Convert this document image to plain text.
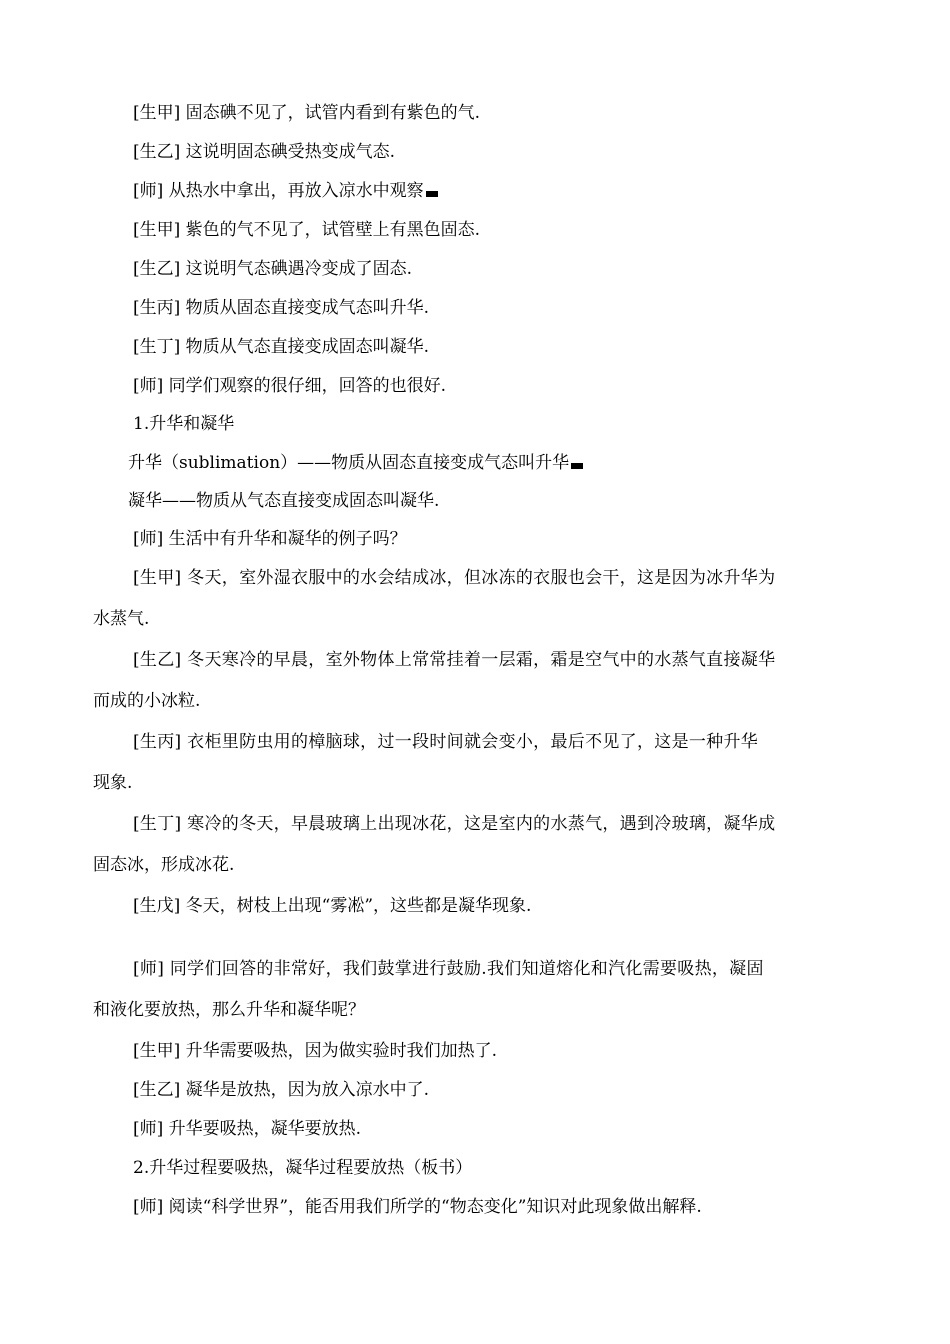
[生甲] 固态碘不见了，试管内看到有紫色的气.
[生乙] 这说明固态碘受热变成气态.
[师] 从热水中拿出，再放入凉水中观察
[生甲] 紫色的气不见了，试管壁上有黑色固态.
[生乙] 这说明气态碘遇冷变成了固态.
[生丙] 物质从固态直接变成气态叫升华.
[生丁] 物质从气态直接变成固态叫凝华.
[师] 同学们观察的很仔细，回答的也很好.
1.升华和凝华
升华（sublimation）——物质从固态直接变成气态叫升华
凝华——物质从气态直接变成固态叫凝华.
[师] 生活中有升华和凝华的例子吗？
[生甲] 冬天，室外湿衣服中的水会结成冰，但冰冻的衣服也会干，这是因为冰升华为
水蒸气.
[生乙] 冬天寒冷的早晨，室外物体上常常挂着一层霜，霜是空气中的水蒸气直接凝华
而成的小冰粒.
[生丙] 衣柜里防虫用的樟脑球，过一段时间就会变小，最后不见了，这是一种升华
现象.
[生丁] 寒冷的冬天，早晨玻璃上出现冰花，这是室内的水蒸气，遇到冷玻璃，凝华成
固态冰，形成冰花.
[生戊] 冬天，树枝上出现“雾凇”，这些都是凝华现象.
[师] 同学们回答的非常好，我们鼓掌进行鼓励.我们知道熔化和汽化需要吸热，凝固
和液化要放热，那么升华和凝华呢？
[生甲] 升华需要吸热，因为做实验时我们加热了.
[生乙] 凝华是放热，因为放入凉水中了.
[师] 升华要吸热，凝华要放热.
2.升华过程要吸热，凝华过程要放热（板书）
[师] 阅读“科学世界”，能否用我们所学的“物态变化”知识对此现象做出解释.
